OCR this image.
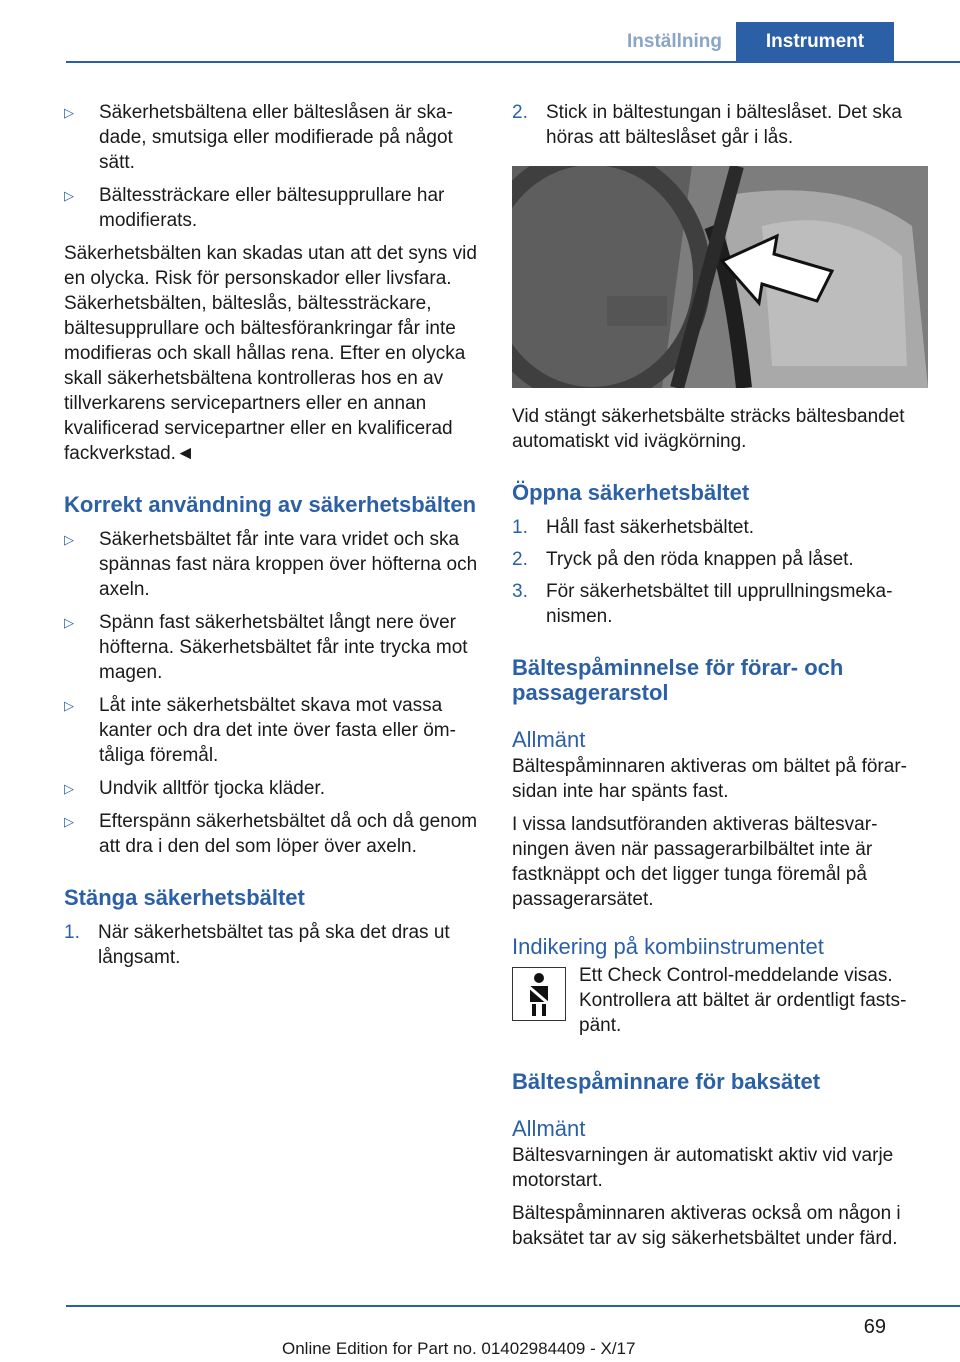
Inställning	Instrument
▷ Säkerhetsbältena eller bälteslåsen är skadade, smutsiga eller modifierade på något sätt.
▷ Bältessträckare eller bältesupprullare har modifierats.

Säkerhetsbälten kan skadas utan att det syns vid en olycka. Risk för personskador eller livsfara. Säkerhetsbälten, bälteslås, bältessträckare, bältesupprullare och bältesförankringar får inte modifieras och skall hållas rena. Efter en olycka skall säkerhetsbältena kontrolleras hos en av tillverkarens servicepartners eller en annan kvalificerad servicepartner eller en kvalificerad fackverkstad.◄

Korrekt användning av säkerhetsbälten
▷ Säkerhetsbältet får inte vara vridet och ska spännas fast nära kroppen över höfterna och axeln.
▷ Spänn fast säkerhetsbältet långt nere över höfterna. Säkerhetsbältet får inte trycka mot magen.
▷ Låt inte säkerhetsbältet skava mot vassa kanter och dra det inte över fasta eller ömtåliga föremål.
▷ Undvik alltför tjocka kläder.
▷ Efterspänn säkerhetsbältet då och då genom att dra i den del som löper över axeln.
Stänga säkerhetsbältet
1. När säkerhetsbältet tas på ska det dras ut långsamt.
2. Stick in bältestungan i bälteslåset. Det ska höras att bälteslåset går i lås.

Vid stängt säkerhetsbälte sträcks bältesbandet automatiskt vid ivägkörning.

Öppna säkerhetsbältet
1. Håll fast säkerhetsbältet.
2. Tryck på den röda knappen på låset.
3. För säkerhetsbältet till upprullningsmekanismen.
Bältespåminnelse för förar- och passagerarstol
Allmänt

Bältespåminnaren aktiveras om bältet på förarsidan inte har spänts fast.

I vissa landsutföranden aktiveras bältesvarningen även när passagerarbilbältet inte är fastknäppt och det ligger tunga föremål på passagerarsätet.

Indikering på kombiinstrumentet
Ett Check Control-meddelande visas. Kontrollera att bältet är ordentligt fastspänt.
Bältespåminnare för baksätet
Allmänt

Bältesvarningen är automatiskt aktiv vid varje motorstart.

Bältespåminnaren aktiveras också om någon i baksätet tar av sig säkerhetsbältet under färd.

69
Online Edition for Part no. 01402984409 - X/17
